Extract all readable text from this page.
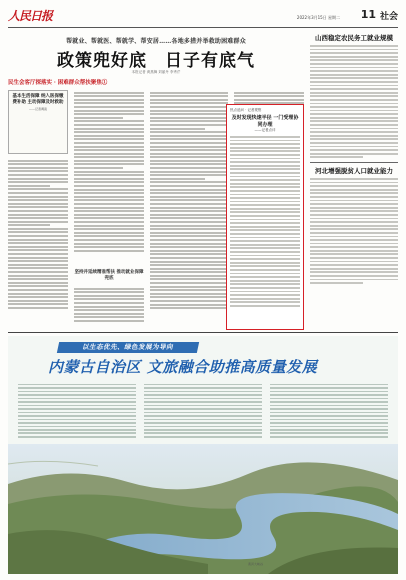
人民日报	2022年3月15日 星期二 11 社会
帮就业、帮就医、帮就学、帮安居……各地多措并举救助困难群众
政策兜好底　日子有底气
本报记者 黄燕舞 刘丽丹 李秀芹
民生会客厅探落实 · 困难群众帮扶聚焦①
基本生活保障 纳入医保缴费补助 主动保障及时救助
——记者调查
坚持并延续精准帮扶 推动就业保障兜底
热点追问 · 记者观察
及时发现快速半径 一门受理协同办理
——记者点评
山西稳定农民务工就业规模
河北增强脱贫人口就业能力
以生态优先、绿色发展为导向
内蒙古自治区 文旅融合助推高质量发展
黄河大峡谷
